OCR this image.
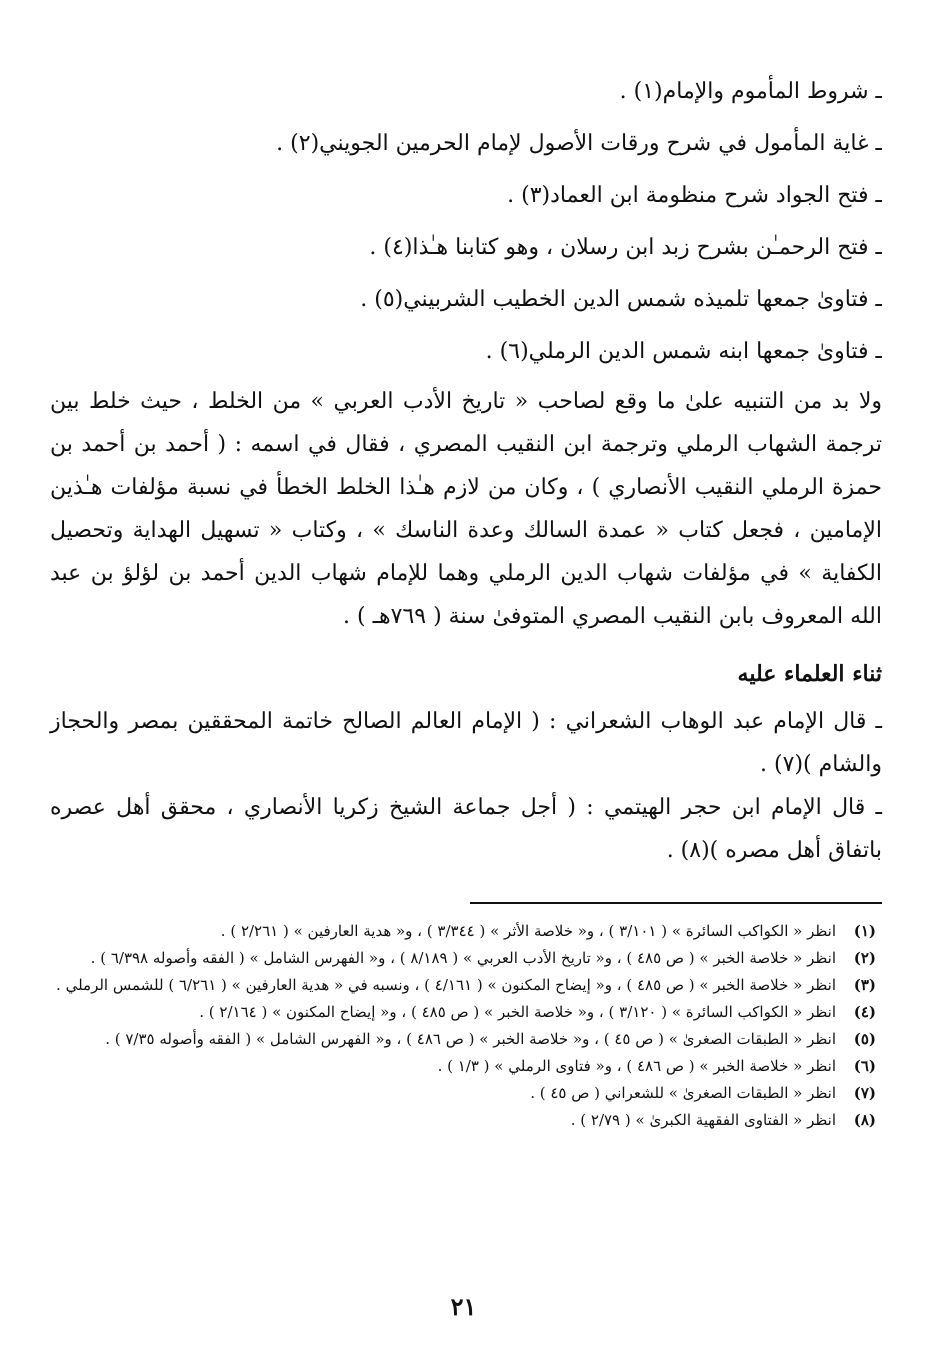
ـ شروط المأموم والإمام(١) .
ـ غاية المأمول في شرح ورقات الأصول لإمام الحرمين الجويني(٢) .
ـ فتح الجواد شرح منظومة ابن العماد(٣) .
ـ فتح الرحمـٰن بشرح زبد ابن رسلان ، وهو كتابنا هـٰذا(٤) .
ـ فتاوىٰ جمعها تلميذه شمس الدين الخطيب الشربيني(٥) .
ـ فتاوىٰ جمعها ابنه شمس الدين الرملي(٦) .

ولا بد من التنبيه علىٰ ما وقع لصاحب « تاريخ الأدب العربي » من الخلط ، حيث خلط بين ترجمة الشهاب الرملي وترجمة ابن النقيب المصري ، فقال في اسمه : ( أحمد بن أحمد بن حمزة الرملي النقيب الأنصاري ) ، وكان من لازم هـٰذا الخلط الخطأ في نسبة مؤلفات هـٰذين الإمامين ، فجعل كتاب « عمدة السالك وعدة الناسك » ، وكتاب « تسهيل الهداية وتحصيل الكفاية » في مؤلفات شهاب الدين الرملي وهما للإمام شهاب الدين أحمد بن لؤلؤ بن عبد الله المعروف بابن النقيب المصري المتوفىٰ سنة ( ٧٦٩هـ ) .

ثناء العلماء عليه

ـ قال الإمام عبد الوهاب الشعراني : ( الإمام العالم الصالح خاتمة المحققين بمصر والحجاز والشام )(٧) .

ـ قال الإمام ابن حجر الهيتمي : ( أجل جماعة الشيخ زكريا الأنصاري ، محقق أهل عصره باتفاق أهل مصره )(٨) .

(١)
انظر « الكواكب السائرة » ( ٣/١٠١ ) ، و« خلاصة الأثر » ( ٣/٣٤٤ ) ، و« هدية العارفين » ( ٢/٢٦١ ) .
(٢)
انظر « خلاصة الخبر » ( ص ٤٨٥ ) ، و« تاريخ الأدب العربي » ( ٨/١٨٩ ) ، و« الفهرس الشامل » ( الفقه وأصوله ٦/٣٩٨ ) .
(٣)
انظر « خلاصة الخبر » ( ص ٤٨٥ ) ، و« إيضاح المكنون » ( ٤/١٦١ ) ، ونسبه في « هدية العارفين » ( ٦/٢٦١ ) للشمس الرملي .
(٤)
انظر « الكواكب السائرة » ( ٣/١٢٠ ) ، و« خلاصة الخبر » ( ص ٤٨٥ ) ، و« إيضاح المكنون » ( ٢/١٦٤ ) .
(٥)
انظر « الطبقات الصغرىٰ » ( ص ٤٥ ) ، و« خلاصة الخبر » ( ص ٤٨٦ ) ، و« الفهرس الشامل » ( الفقه وأصوله ٧/٣٥ ) .
(٦)
انظر « خلاصة الخبر » ( ص ٤٨٦ ) ، و« فتاوى الرملي » ( ١/٣ ) .
(٧)
انظر « الطبقات الصغرىٰ » للشعراني ( ص ٤٥ ) .
(٨)
انظر « الفتاوى الفقهية الكبرىٰ » ( ٢/٧٩ ) .
٢١
